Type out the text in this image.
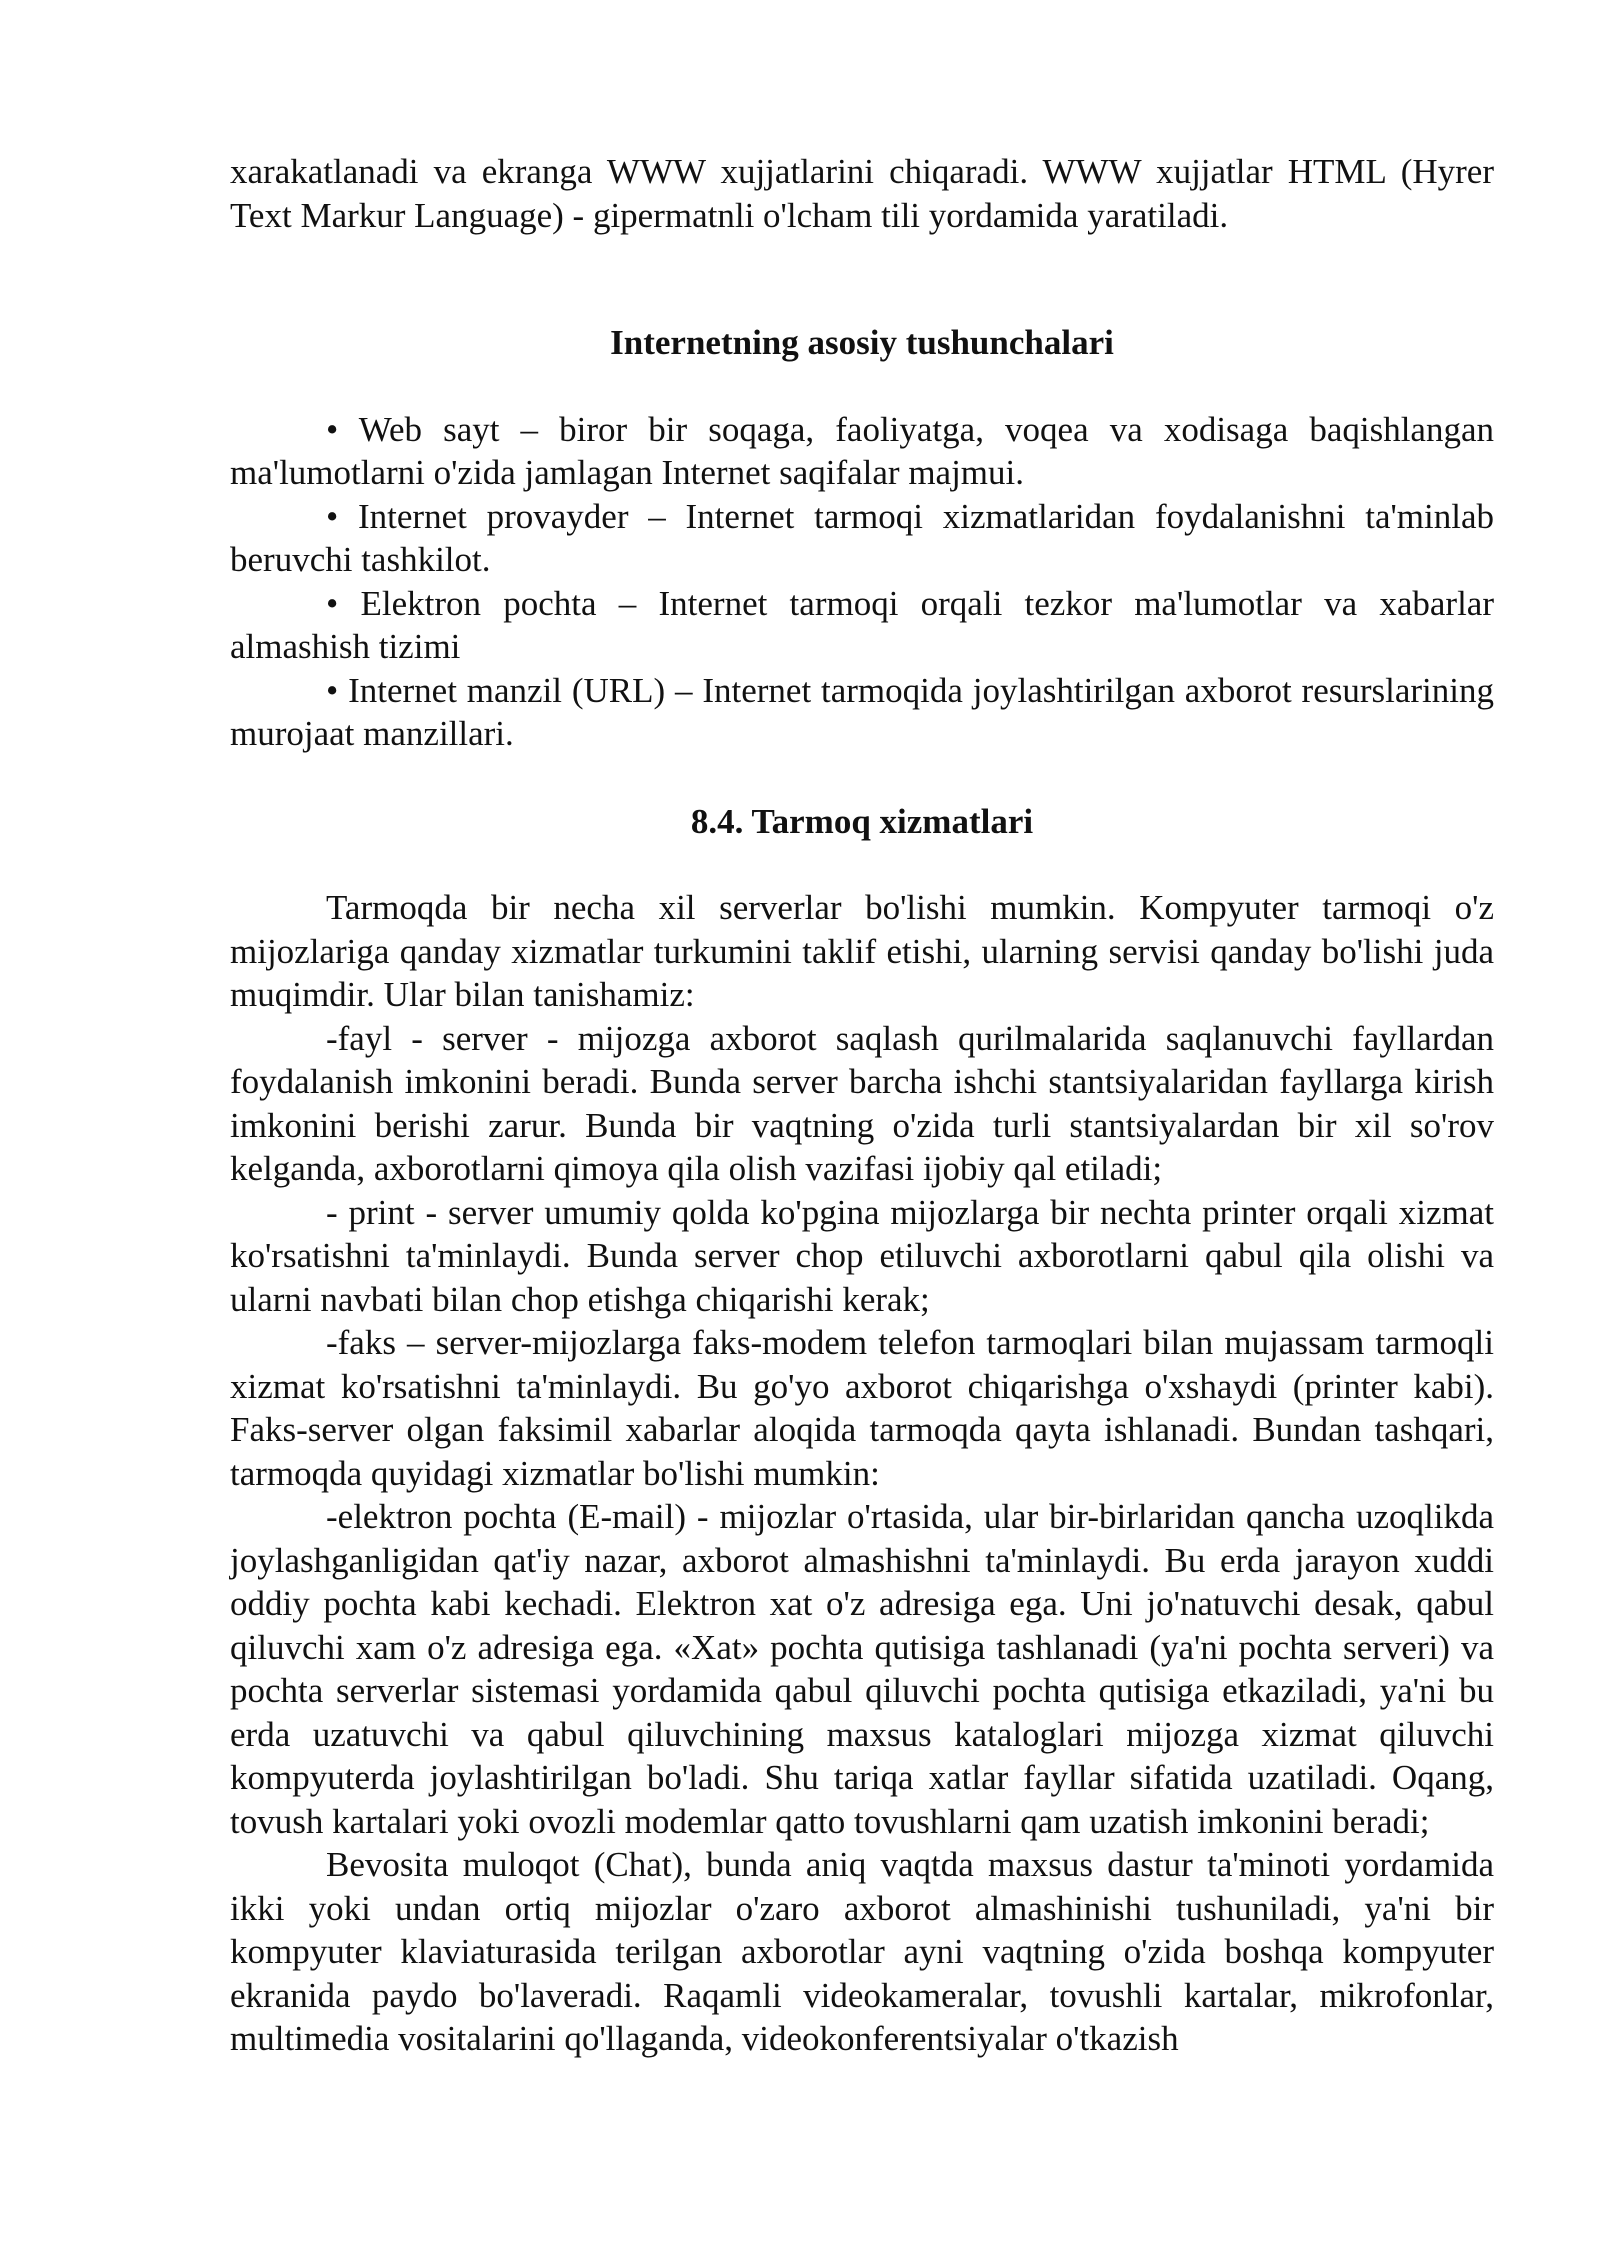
xarakatlanadi va ekranga WWW xujjatlarini chiqaradi. WWW xujjatlar HTML (Hyrer Text Markur Language) - gipermatnli o'lcham tili yordamida yaratiladi.

Internetning asosiy tushunchalari

• Web sayt – biror bir soqaga, faoliyatga, voqea va xodisaga baqishlangan ma'lumotlarni o'zida jamlagan Internet saqifalar majmui.

• Internet provayder – Internet tarmoqi xizmatlaridan foydalanishni ta'minlab beruvchi tashkilot.

• Elektron pochta – Internet tarmoqi orqali tezkor ma'lumotlar va xabarlar almashish tizimi

• Internet manzil (URL) – Internet tarmoqida joylashtirilgan axborot resurslarining murojaat manzillari.

8.4. Tarmoq xizmatlari

Tarmoqda bir necha xil serverlar bo'lishi mumkin. Kompyuter tarmoqi o'z mijozlariga qanday xizmatlar turkumini taklif etishi, ularning servisi qanday bo'lishi juda muqimdir. Ular bilan tanishamiz:

-fayl - server - mijozga axborot saqlash qurilmalarida saqlanuvchi fayllardan foydalanish imkonini beradi. Bunda server barcha ishchi stantsiyalaridan fayllarga kirish imkonini berishi zarur. Bunda bir vaqtning o'zida turli stantsiyalardan bir xil so'rov kelganda, axborotlarni qimoya qila olish vazifasi ijobiy qal etiladi;

- print - server umumiy qolda ko'pgina mijozlarga bir nechta printer orqali xizmat ko'rsatishni ta'minlaydi. Bunda server chop etiluvchi axborotlarni qabul qila olishi va ularni navbati bilan chop etishga chiqarishi kerak;

-faks – server-mijozlarga faks-modem telefon tarmoqlari bilan mujassam tarmoqli xizmat ko'rsatishni ta'minlaydi. Bu go'yo axborot chiqarishga o'xshaydi (printer kabi). Faks-server olgan faksimil xabarlar aloqida tarmoqda qayta ishlanadi. Bundan tashqari, tarmoqda quyidagi xizmatlar bo'lishi mumkin:

-elektron pochta (E-mail) - mijozlar o'rtasida, ular bir-birlaridan qancha uzoqlikda joylashganligidan qat'iy nazar, axborot almashishni ta'minlaydi. Bu erda jarayon xuddi oddiy pochta kabi kechadi. Elektron xat o'z adresiga ega. Uni jo'natuvchi desak, qabul qiluvchi xam o'z adresiga ega. «Xat» pochta qutisiga tashlanadi (ya'ni pochta serveri) va pochta serverlar sistemasi yordamida qabul qiluvchi pochta qutisiga etkaziladi, ya'ni bu erda uzatuvchi va qabul qiluvchining maxsus kataloglari mijozga xizmat qiluvchi kompyuterda joylashtirilgan bo'ladi. Shu tariqa xatlar fayllar sifatida uzatiladi. Oqang, tovush kartalari yoki ovozli modemlar qatto tovushlarni qam uzatish imkonini beradi;

Bevosita muloqot (Chat), bunda aniq vaqtda maxsus dastur ta'minoti yordamida ikki yoki undan ortiq mijozlar o'zaro axborot almashinishi tushuniladi, ya'ni bir kompyuter klaviaturasida terilgan axborotlar ayni vaqtning o'zida boshqa kompyuter ekranida paydo bo'laveradi. Raqamli videokameralar, tovushli kartalar, mikrofonlar, multimedia vositalarini qo'llaganda, videokonferentsiyalar o'tkazish
